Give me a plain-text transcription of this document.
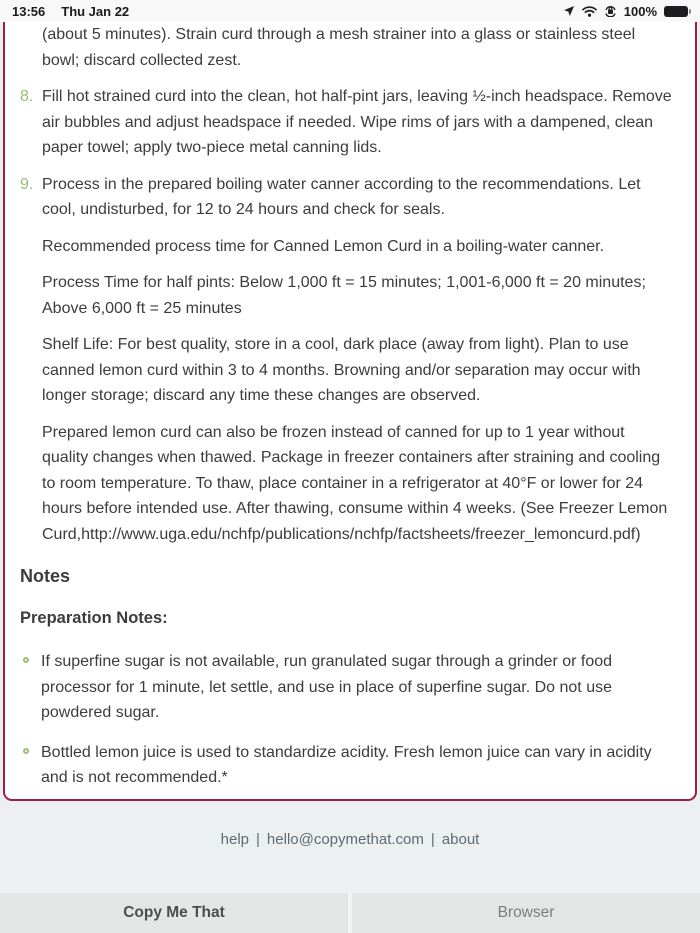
13:56 Thu Jan 22	100%

(about 5 minutes). Strain curd through a mesh strainer into a glass or stainless steel bowl; discard collected zest.

8. Fill hot strained curd into the clean, hot half-pint jars, leaving ½-inch headspace. Remove air bubbles and adjust headspace if needed. Wipe rims of jars with a dampened, clean paper towel; apply two-piece metal canning lids.
9. Process in the prepared boiling water canner according to the recommendations. Let cool, undisturbed, for 12 to 24 hours and check for seals.

Recommended process time for Canned Lemon Curd in a boiling-water canner.

Process Time for half pints: Below 1,000 ft = 15 minutes; 1,001-6,000 ft = 20 minutes; Above 6,000 ft = 25 minutes

Shelf Life: For best quality, store in a cool, dark place (away from light). Plan to use canned lemon curd within 3 to 4 months. Browning and/or separation may occur with longer storage; discard any time these changes are observed.

Prepared lemon curd can also be frozen instead of canned for up to 1 year without quality changes when thawed. Package in freezer containers after straining and cooling to room temperature. To thaw, place container in a refrigerator at 40°F or lower for 24 hours before intended use. After thawing, consume within 4 weeks. (See Freezer Lemon Curd,http://www.uga.edu/nchfp/publications/nchfp/factsheets/freezer_lemoncurd.pdf)

Notes
Preparation Notes:
If superfine sugar is not available, run granulated sugar through a grinder or food processor for 1 minute, let settle, and use in place of superfine sugar. Do not use powdered sugar.
Bottled lemon juice is used to standardize acidity. Fresh lemon juice can vary in acidity and is not recommended.*
help | hello@copymethat.com | about
Copy Me That	Browser
